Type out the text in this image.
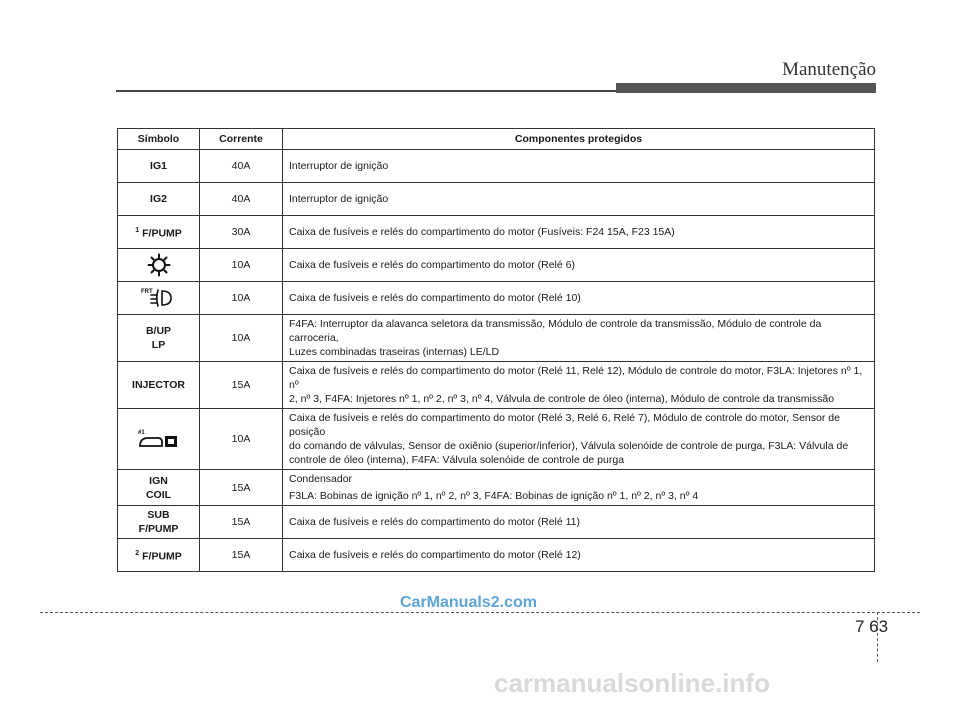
Manutenção
Símbolo	Corrente	Componentes protegidos
IG1	40A	Interruptor de ignição
IG2	40A	Interruptor de ignição
$^1$ F/PUMP	30A	Caixa de fusíveis e relés do compartimento do motor (Fusíveis: F24 15A, F23 15A)

	10A	Caixa de fusíveis e relés do compartimento do motor (Relé 6)

FRT	10A	Caixa de fusíveis e relés do compartimento do motor (Relé 10)

B/UP
LP	10A	F4FA: Interruptor da alavanca seletora da transmissão, Módulo de controle da transmissão, Módulo de controle da carroceria,
Luzes combinadas traseiras (internas) LE/LD

INJECTOR	15A	Caixa de fusíveis e relés do compartimento do motor (Relé 11, Relé 12), Módulo de controle do motor, F3LA: Injetores nº 1, nº
2, nº 3, F4FA: Injetores nº 1, nº 2, nº 3, nº 4, Válvula de controle de óleo (interna), Módulo de controle da transmissão

#1	10A	Caixa de fusíveis e relés do compartimento do motor (Relé 3, Relé 6, Relé 7), Módulo de controle do motor, Sensor de posição
do comando de válvulas, Sensor de oxiênio (superior/inferior), Válvula solenóide de controle de purga, F3LA: Válvula de
controle de óleo (interna), F4FA: Válvula solenóide de controle de purga

IGN
COIL	15A	Condensador
F3LA: Bobinas de ignição nº 1, nº 2, nº 3, F4FA: Bobinas de ignição nº 1, nº 2, nº 3, nº 4

SUB
F/PUMP	15A	Caixa de fusíveis e relés do compartimento do motor (Relé 11)
$^2$ F/PUMP	15A	Caixa de fusíveis e relés do compartimento do motor (Relé 12)
CarManuals2.com
7 63
carmanualsonline.info
